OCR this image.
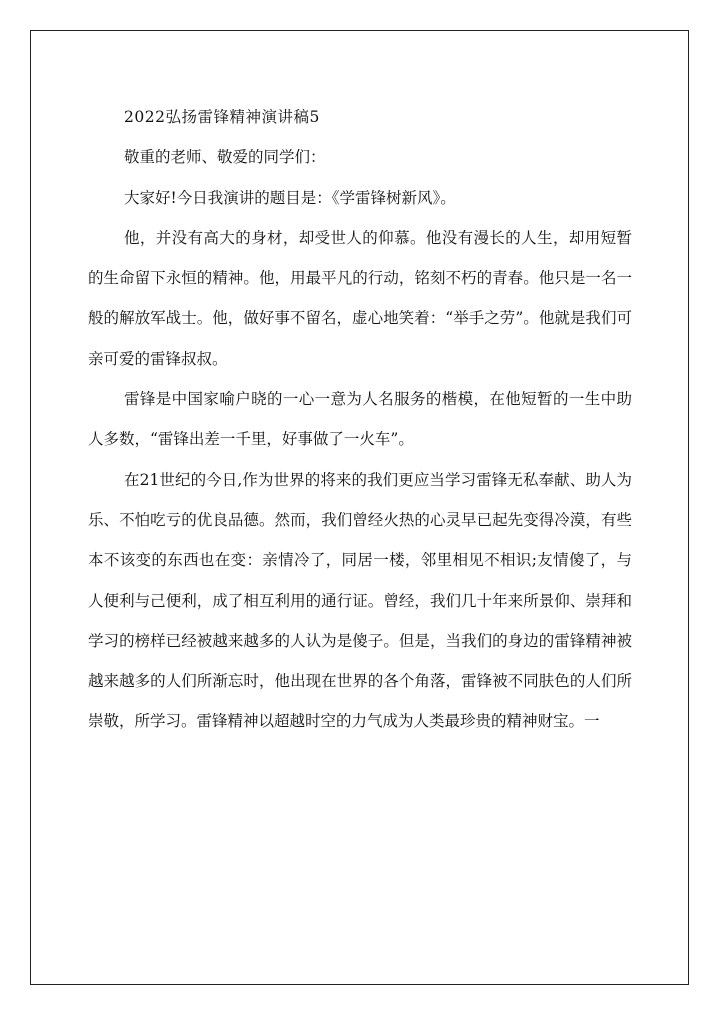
2022弘扬雷锋精神演讲稿5

敬重的老师、敬爱的同学们：

大家好!今日我演讲的题目是：《学雷锋树新风》。

他，并没有高大的身材，却受世人的仰慕。他没有漫长的人生，却用短暂的生命留下永恒的精神。他，用最平凡的行动，铭刻不朽的青春。他只是一名一般的解放军战士。他，做好事不留名，虚心地笑着：“举手之劳”。他就是我们可亲可爱的雷锋叔叔。

雷锋是中国家喻户晓的一心一意为人名服务的楷模，在他短暂的一生中助人多数，“雷锋出差一千里，好事做了一火车”。

在21世纪的今日,作为世界的将来的我们更应当学习雷锋无私奉献、助人为乐、不怕吃亏的优良品德。然而，我们曾经火热的心灵早已起先变得冷漠，有些本不该变的东西也在变：亲情冷了，同居一楼，邻里相见不相识;友情傻了，与人便利与己便利，成了相互利用的通行证。曾经，我们几十年来所景仰、崇拜和学习的榜样已经被越来越多的人认为是傻子。但是，当我们的身边的雷锋精神被越来越多的人们所渐忘时，他出现在世界的各个角落，雷锋被不同肤色的人们所崇敬，所学习。雷锋精神以超越时空的力气成为人类最珍贵的精神财宝。一
